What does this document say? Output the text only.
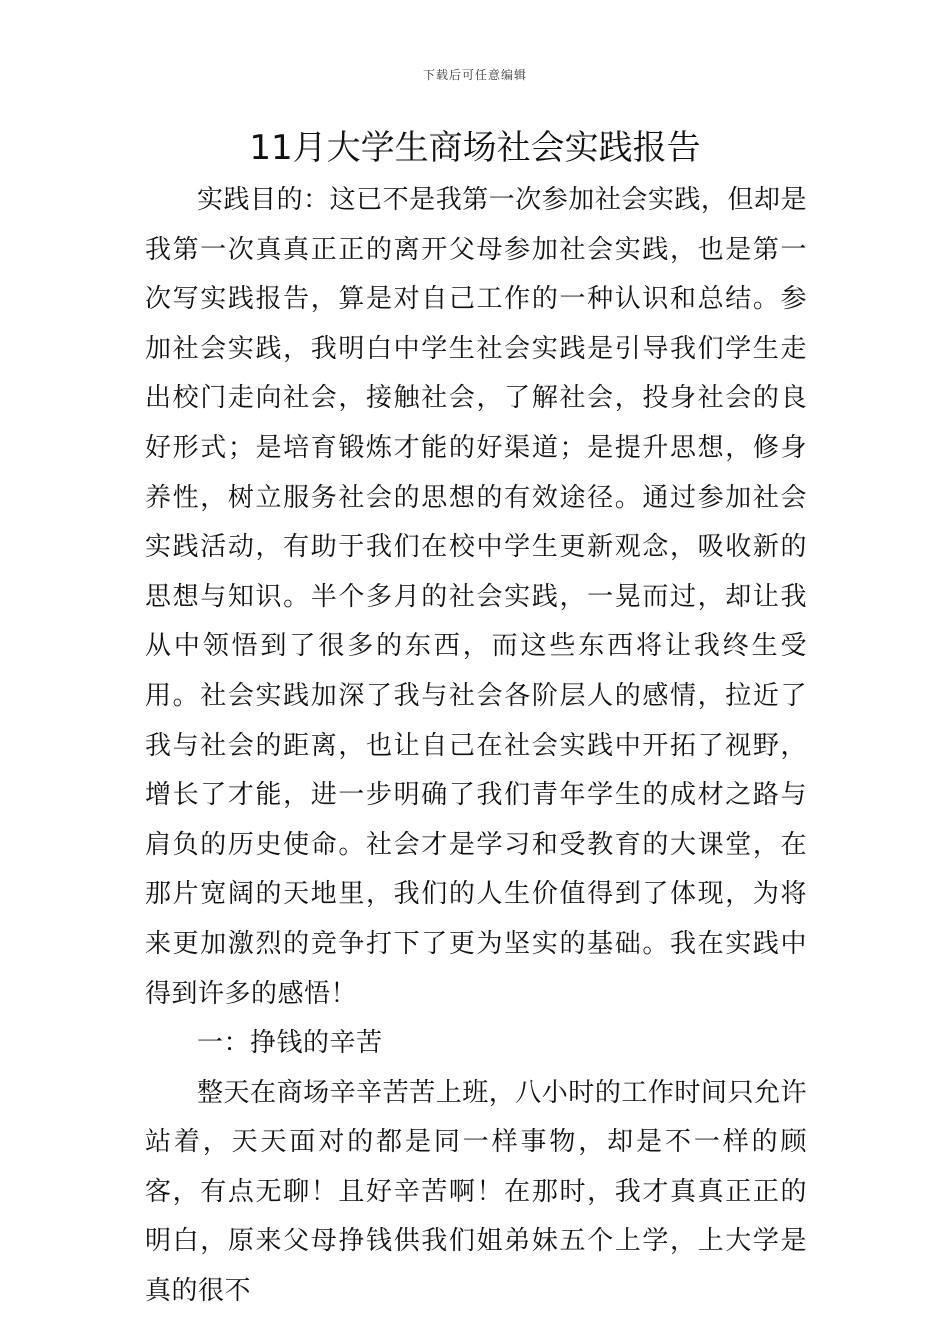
下载后可任意编辑
11月大学生商场社会实践报告

实践目的：这已不是我第一次参加社会实践，但却是我第一次真真正正的离开父母参加社会实践，也是第一次写实践报告，算是对自己工作的一种认识和总结。参加社会实践，我明白中学生社会实践是引导我们学生走出校门走向社会，接触社会，了解社会，投身社会的良好形式；是培育锻炼才能的好渠道；是提升思想，修身养性，树立服务社会的思想的有效途径。通过参加社会实践活动，有助于我们在校中学生更新观念，吸收新的思想与知识。半个多月的社会实践，一晃而过，却让我从中领悟到了很多的东西，而这些东西将让我终生受用。社会实践加深了我与社会各阶层人的感情，拉近了我与社会的距离，也让自己在社会实践中开拓了视野，增长了才能，进一步明确了我们青年学生的成材之路与肩负的历史使命。社会才是学习和受教育的大课堂，在那片宽阔的天地里，我们的人生价值得到了体现，为将来更加激烈的竞争打下了更为坚实的基础。我在实践中得到许多的感悟！

一：挣钱的辛苦

整天在商场辛辛苦苦上班，八小时的工作时间只允许站着，天天面对的都是同一样事物，却是不一样的顾客，有点无聊！且好辛苦啊！在那时，我才真真正正的明白，原来父母挣钱供我们姐弟妹五个上学，上大学是真的很不
